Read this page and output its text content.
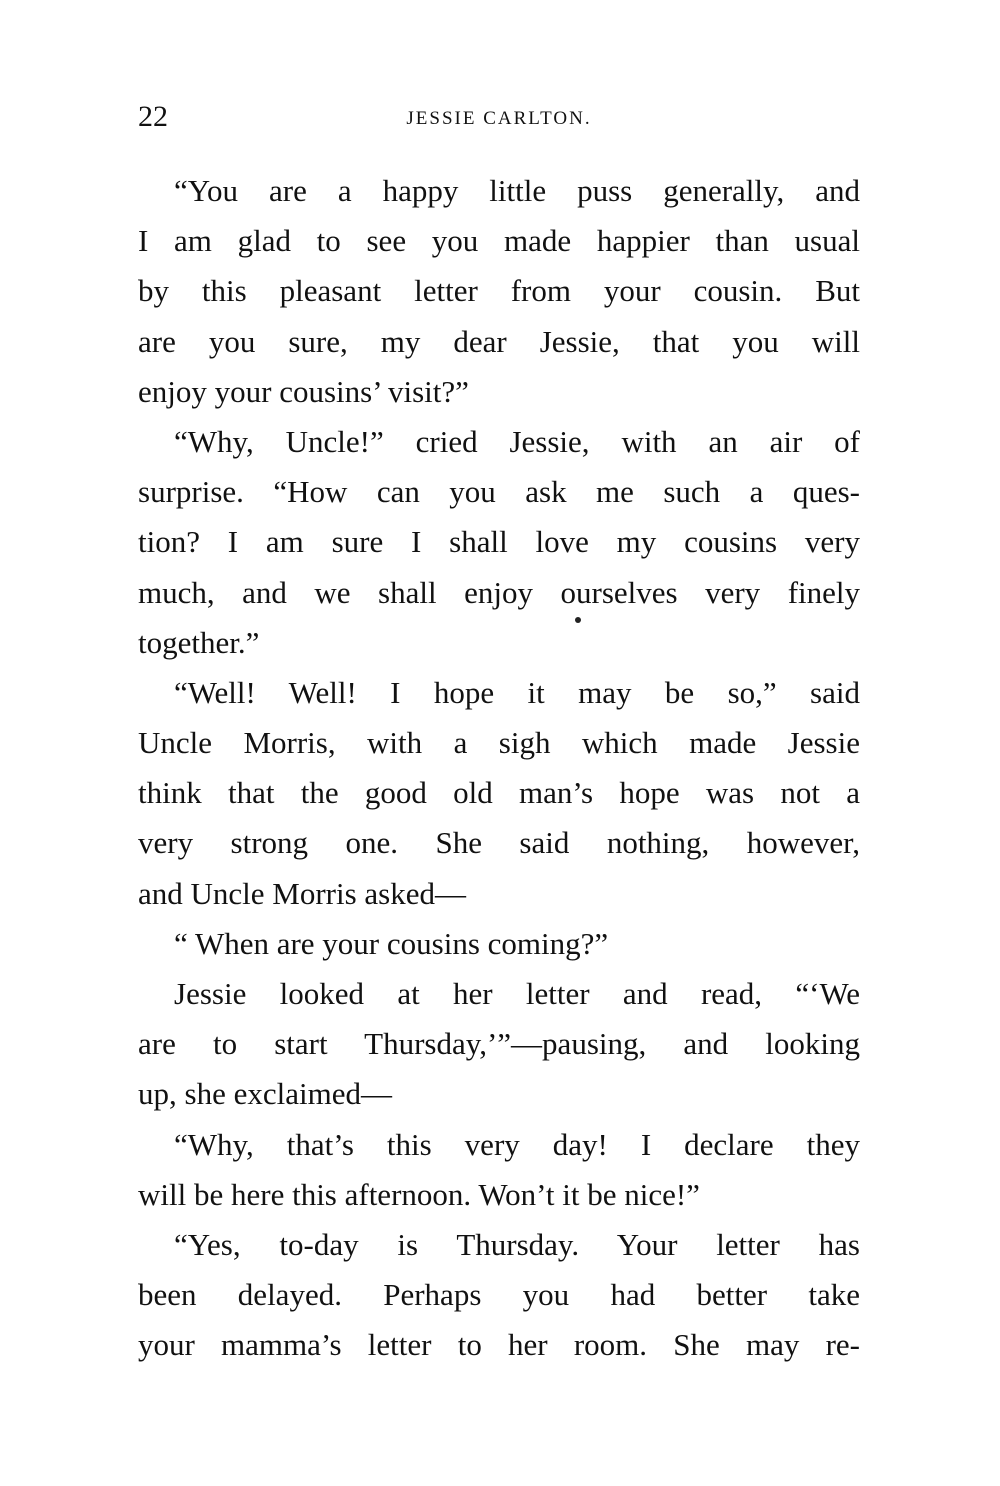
22	JESSIE CARLTON.
“You are a happy little puss generally, and
I am glad to see you made happier than usual
by this pleasant letter from your cousin. But
are you sure, my dear Jessie, that you will
enjoy your cousins’ visit?”
“Why, Uncle!” cried Jessie, with an air of
surprise. “How can you ask me such a ques-
tion? I am sure I shall love my cousins very
much, and we shall enjoy ourselves very finely
together.”
“Well! Well! I hope it may be so,” said
Uncle Morris, with a sigh which made Jessie
think that the good old man’s hope was not a
very strong one. She said nothing, however,
and Uncle Morris asked—
“ When are your cousins coming?”
Jessie looked at her letter and read, “‘We
are to start Thursday,’”—pausing, and looking
up, she exclaimed—
“Why, that’s this very day! I declare they
will be here this afternoon. Won’t it be nice!”
“Yes, to-day is Thursday. Your letter has
been delayed. Perhaps you had better take
your mamma’s letter to her room. She may re-
